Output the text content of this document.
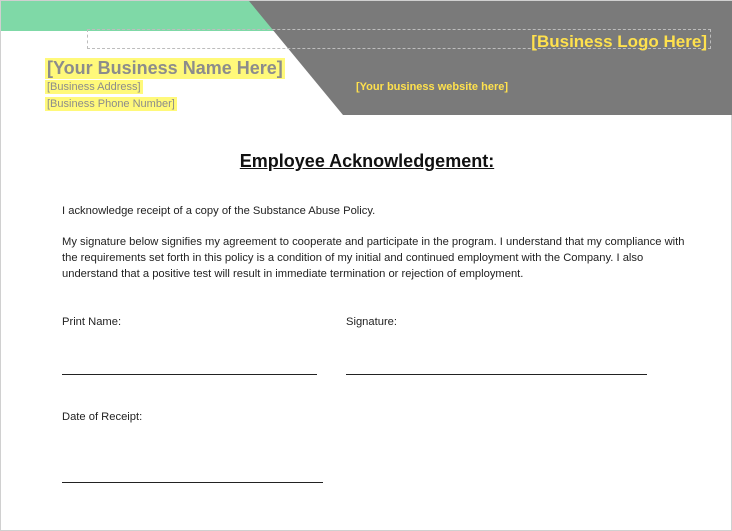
[Business Logo Here]
[Your Business Name Here]
[Business Address]
[Business Phone Number]
[Your business website here]
Employee Acknowledgement:
I acknowledge receipt of a copy of the Substance Abuse Policy.
My signature below signifies my agreement to cooperate and participate in the program. I understand that my compliance with the requirements set forth in this policy is a condition of my initial and continued employment with the Company. I also understand that a positive test will result in immediate termination or rejection of employment.
Print Name:	Signature:
Date of Receipt:
